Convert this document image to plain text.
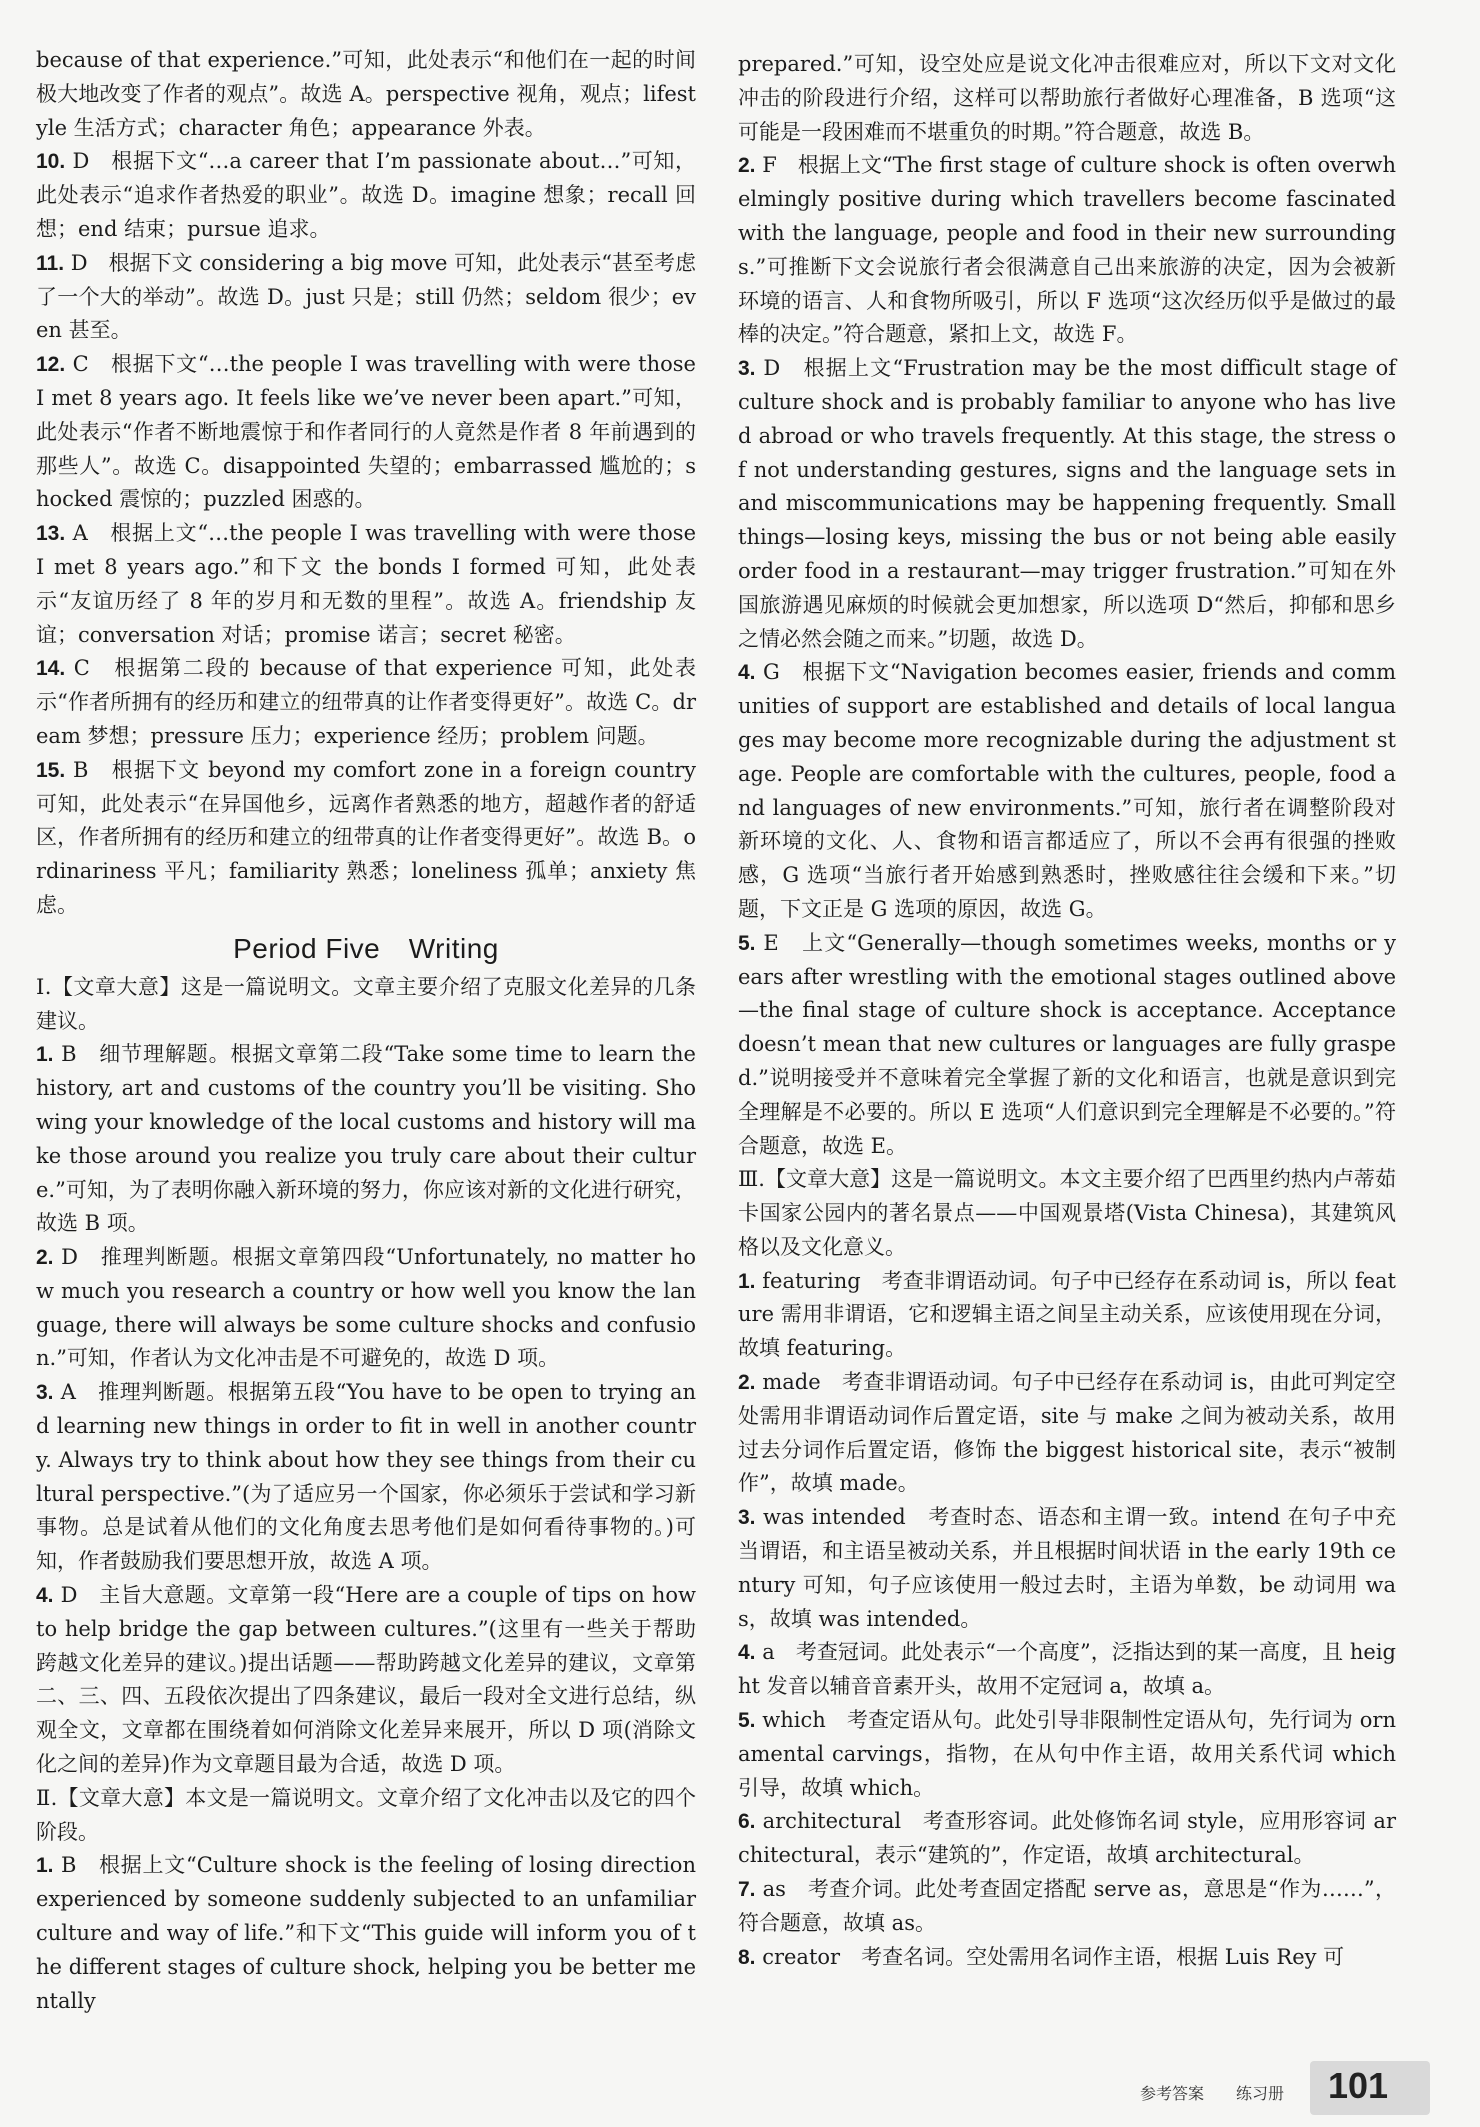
because of that experience.”可知，此处表示“和他们在一起的时间极大地改变了作者的观点”。故选 A。perspective 视角，观点；lifestyle 生活方式；character 角色；appearance 外表。

10. D　根据下文“…a career that I’m passionate about…”可知，此处表示“追求作者热爱的职业”。故选 D。imagine 想象；recall 回想；end 结束；pursue 追求。

11. D　根据下文 considering a big move 可知，此处表示“甚至考虑了一个大的举动”。故选 D。just 只是；still 仍然；seldom 很少；even 甚至。

12. C　根据下文“…the people I was travelling with were those I met 8 years ago. It feels like we’ve never been apart.”可知，此处表示“作者不断地震惊于和作者同行的人竟然是作者 8 年前遇到的那些人”。故选 C。disappointed 失望的；embarrassed 尴尬的；shocked 震惊的；puzzled 困惑的。

13. A　根据上文“…the people I was travelling with were those I met 8 years ago.”和下文 the bonds I formed 可知，此处表示“友谊历经了 8 年的岁月和无数的里程”。故选 A。friendship 友谊；conversation 对话；promise 诺言；secret 秘密。

14. C　根据第二段的 because of that experience 可知，此处表示“作者所拥有的经历和建立的纽带真的让作者变得更好”。故选 C。dream 梦想；pressure 压力；experience 经历；problem 问题。

15. B　根据下文 beyond my comfort zone in a foreign country 可知，此处表示“在异国他乡，远离作者熟悉的地方，超越作者的舒适区，作者所拥有的经历和建立的纽带真的让作者变得更好”。故选 B。ordinariness 平凡；familiarity 熟悉；loneliness 孤单；anxiety 焦虑。

Period Five　Writing

Ⅰ.【文章大意】这是一篇说明文。文章主要介绍了克服文化差异的几条建议。

1. B　细节理解题。根据文章第二段“Take some time to learn the history, art and customs of the country you’ll be visiting. Showing your knowledge of the local customs and history will make those around you realize you truly care about their culture.”可知，为了表明你融入新环境的努力，你应该对新的文化进行研究，故选 B 项。

2. D　推理判断题。根据文章第四段“Unfortunately, no matter how much you research a country or how well you know the language, there will always be some culture shocks and confusion.”可知，作者认为文化冲击是不可避免的，故选 D 项。

3. A　推理判断题。根据第五段“You have to be open to trying and learning new things in order to fit in well in another country. Always try to think about how they see things from their cultural perspective.”(为了适应另一个国家，你必须乐于尝试和学习新事物。总是试着从他们的文化角度去思考他们是如何看待事物的。)可知，作者鼓励我们要思想开放，故选 A 项。

4. D　主旨大意题。文章第一段“Here are a couple of tips on how to help bridge the gap between cultures.”(这里有一些关于帮助跨越文化差异的建议。)提出话题——帮助跨越文化差异的建议，文章第二、三、四、五段依次提出了四条建议，最后一段对全文进行总结，纵观全文，文章都在围绕着如何消除文化差异来展开，所以 D 项(消除文化之间的差异)作为文章题目最为合适，故选 D 项。

Ⅱ.【文章大意】本文是一篇说明文。文章介绍了文化冲击以及它的四个阶段。

1. B　根据上文“Culture shock is the feeling of losing direction experienced by someone suddenly subjected to an unfamiliar culture and way of life.”和下文“This guide will inform you of the different stages of culture shock, helping you be better mentally

prepared.”可知，设空处应是说文化冲击很难应对，所以下文对文化冲击的阶段进行介绍，这样可以帮助旅行者做好心理准备，B 选项“这可能是一段困难而不堪重负的时期。”符合题意，故选 B。

2. F　根据上文“The first stage of culture shock is often overwhelmingly positive during which travellers become fascinated with the language, people and food in their new surroundings.”可推断下文会说旅行者会很满意自己出来旅游的决定，因为会被新环境的语言、人和食物所吸引，所以 F 选项“这次经历似乎是做过的最棒的决定。”符合题意，紧扣上文，故选 F。

3. D　根据上文“Frustration may be the most difficult stage of culture shock and is probably familiar to anyone who has lived abroad or who travels frequently. At this stage, the stress of not understanding gestures, signs and the language sets in and miscommunications may be happening frequently. Small things—losing keys, missing the bus or not being able easily order food in a restaurant—may trigger frustration.”可知在外国旅游遇见麻烦的时候就会更加想家，所以选项 D“然后，抑郁和思乡之情必然会随之而来。”切题，故选 D。

4. G　根据下文“Navigation becomes easier, friends and communities of support are established and details of local languages may become more recognizable during the adjustment stage. People are comfortable with the cultures, people, food and languages of new environments.”可知，旅行者在调整阶段对新环境的文化、人、食物和语言都适应了，所以不会再有很强的挫败感，G 选项“当旅行者开始感到熟悉时，挫败感往往会缓和下来。”切题，下文正是 G 选项的原因，故选 G。

5. E　上文“Generally—though sometimes weeks, months or years after wrestling with the emotional stages outlined above—the final stage of culture shock is acceptance. Acceptance doesn’t mean that new cultures or languages are fully grasped.”说明接受并不意味着完全掌握了新的文化和语言，也就是意识到完全理解是不必要的。所以 E 选项“人们意识到完全理解是不必要的。”符合题意，故选 E。

Ⅲ.【文章大意】这是一篇说明文。本文主要介绍了巴西里约热内卢蒂茹卡国家公园内的著名景点——中国观景塔(Vista Chinesa)，其建筑风格以及文化意义。

1. featuring　考查非谓语动词。句子中已经存在系动词 is，所以 feature 需用非谓语，它和逻辑主语之间呈主动关系，应该使用现在分词，故填 featuring。

2. made　考查非谓语动词。句子中已经存在系动词 is，由此可判定空处需用非谓语动词作后置定语，site 与 make 之间为被动关系，故用过去分词作后置定语，修饰 the biggest historical site，表示“被制作”，故填 made。

3. was intended　考查时态、语态和主谓一致。intend 在句子中充当谓语，和主语呈被动关系，并且根据时间状语 in the early 19th century 可知，句子应该使用一般过去时，主语为单数，be 动词用 was，故填 was intended。

4. a　考查冠词。此处表示“一个高度”，泛指达到的某一高度，且 height 发音以辅音音素开头，故用不定冠词 a，故填 a。

5. which　考查定语从句。此处引导非限制性定语从句，先行词为 ornamental carvings，指物，在从句中作主语，故用关系代词 which 引导，故填 which。

6. architectural　考查形容词。此处修饰名词 style，应用形容词 architectural，表示“建筑的”，作定语，故填 architectural。

7. as　考查介词。此处考查固定搭配 serve as，意思是“作为……”，符合题意，故填 as。

8. creator　考查名词。空处需用名词作主语，根据 Luis Rey 可

参考答案 练习册 101
